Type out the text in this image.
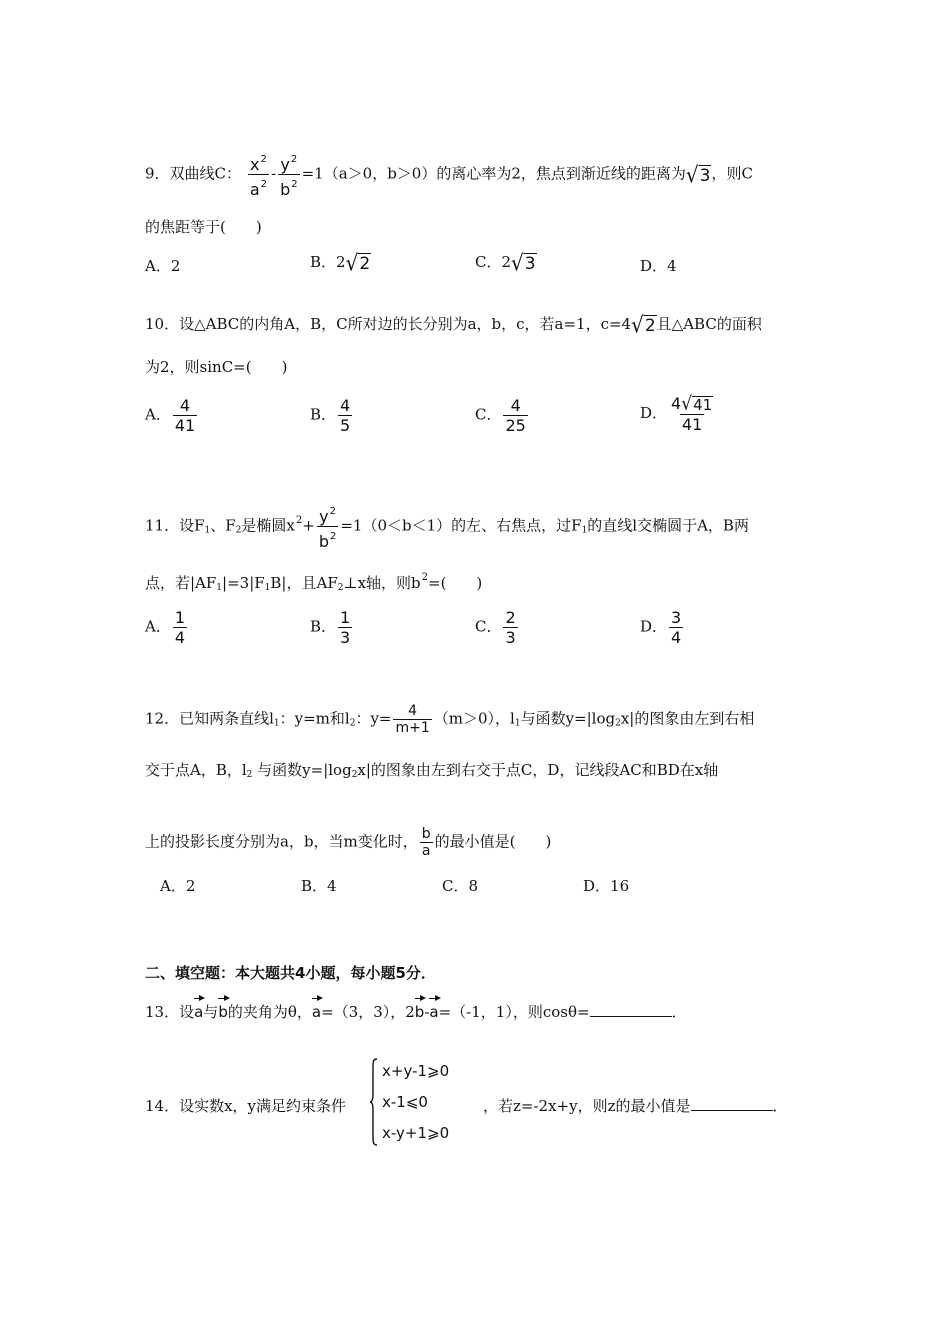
9．双曲线C： $\frac{x^2}{a^2} - \frac{y^2}{b^2} =1(a>0$，b＞0）的离心率为2，焦点到渐近线的距离为 √ 3 ，则C
的焦距等于(　　)
A．2	B．2 √ 2	C．2 √ 3	D．4
10．设△ABC的内角A，B，C所对边的长分别为a，b，c，若a=1，c=4 √ 2 且△ABC的面积
为2，则sinC=(　　)
A． $\frac{4}{41}$	B． $\frac{4}{5}$	C． $\frac{4}{25}$	D． $\frac{4 √ 41}{41}$
11．设$F_1$、$F_2$是椭圆$x^2+ \frac{y^2}{b^2} =1(0<b<1)$的左、右焦点，过$F_1$的直线l交椭圆于A，B两
点，若$|AF_1|=3|F_1B|$，且$AF_2\perp x$轴，则$b^2=$(　　)
A． $\frac{1}{4}$	B． $\frac{1}{3}$	C． $\frac{2}{3}$	D． $\frac{3}{4}$
12．已知两条直线$l_1$：y=m和$l_2$：$y= \frac{4}{m+1} (m>0)$，$l_1$与函数$y=|\log_2x|$的图象由左到右相
交于点A，B，$l_2$ 与函数$y=|\log_2x|$的图象由左到右交于点C，D，记线段AC和BD在x轴
上的投影长度分别为a，b，当m变化时， $\frac{b}{a}$ 的最小值是(　　)
A．2	B．4	C．8	D．16
二、填空题：本大题共4小题，每小题5分．
13．设a与b的夹角为θ，a=（3，3），2b-a=（-1，1），则cosθ=	．
14．设实数x，y满足约束条件
x+y-1⩾0
x-1⩽0
x-y+1⩾0
，若z=-2x+y，则z的最小值是	．
